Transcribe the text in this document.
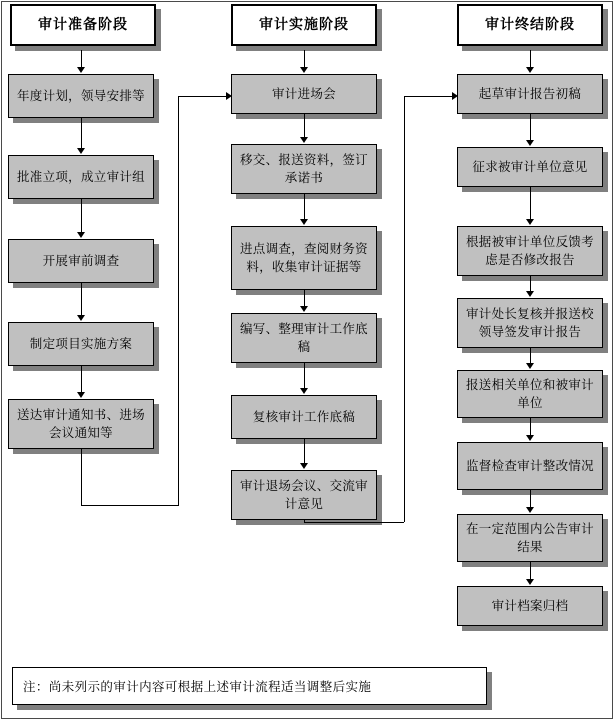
审计准备阶段
年度计划，领导安排等
批准立项，成立审计组
开展审前调查
制定项目实施方案
送达审计通知书、进场会议通知等
审计实施阶段
审计进场会
移交、报送资料，签订承诺书
进点调查，查阅财务资料，收集审计证据等
编写、整理审计工作底稿
复核审计工作底稿
审计退场会议、交流审计意见
审计终结阶段
起草审计报告初稿
征求被审计单位意见
根据被审计单位反馈考虑是否修改报告
审计处长复核并报送校领导签发审计报告
报送相关单位和被审计单位
监督检查审计整改情况
在一定范围内公告审计结果
审计档案归档
注：尚未列示的审计内容可根据上述审计流程适当调整后实施
